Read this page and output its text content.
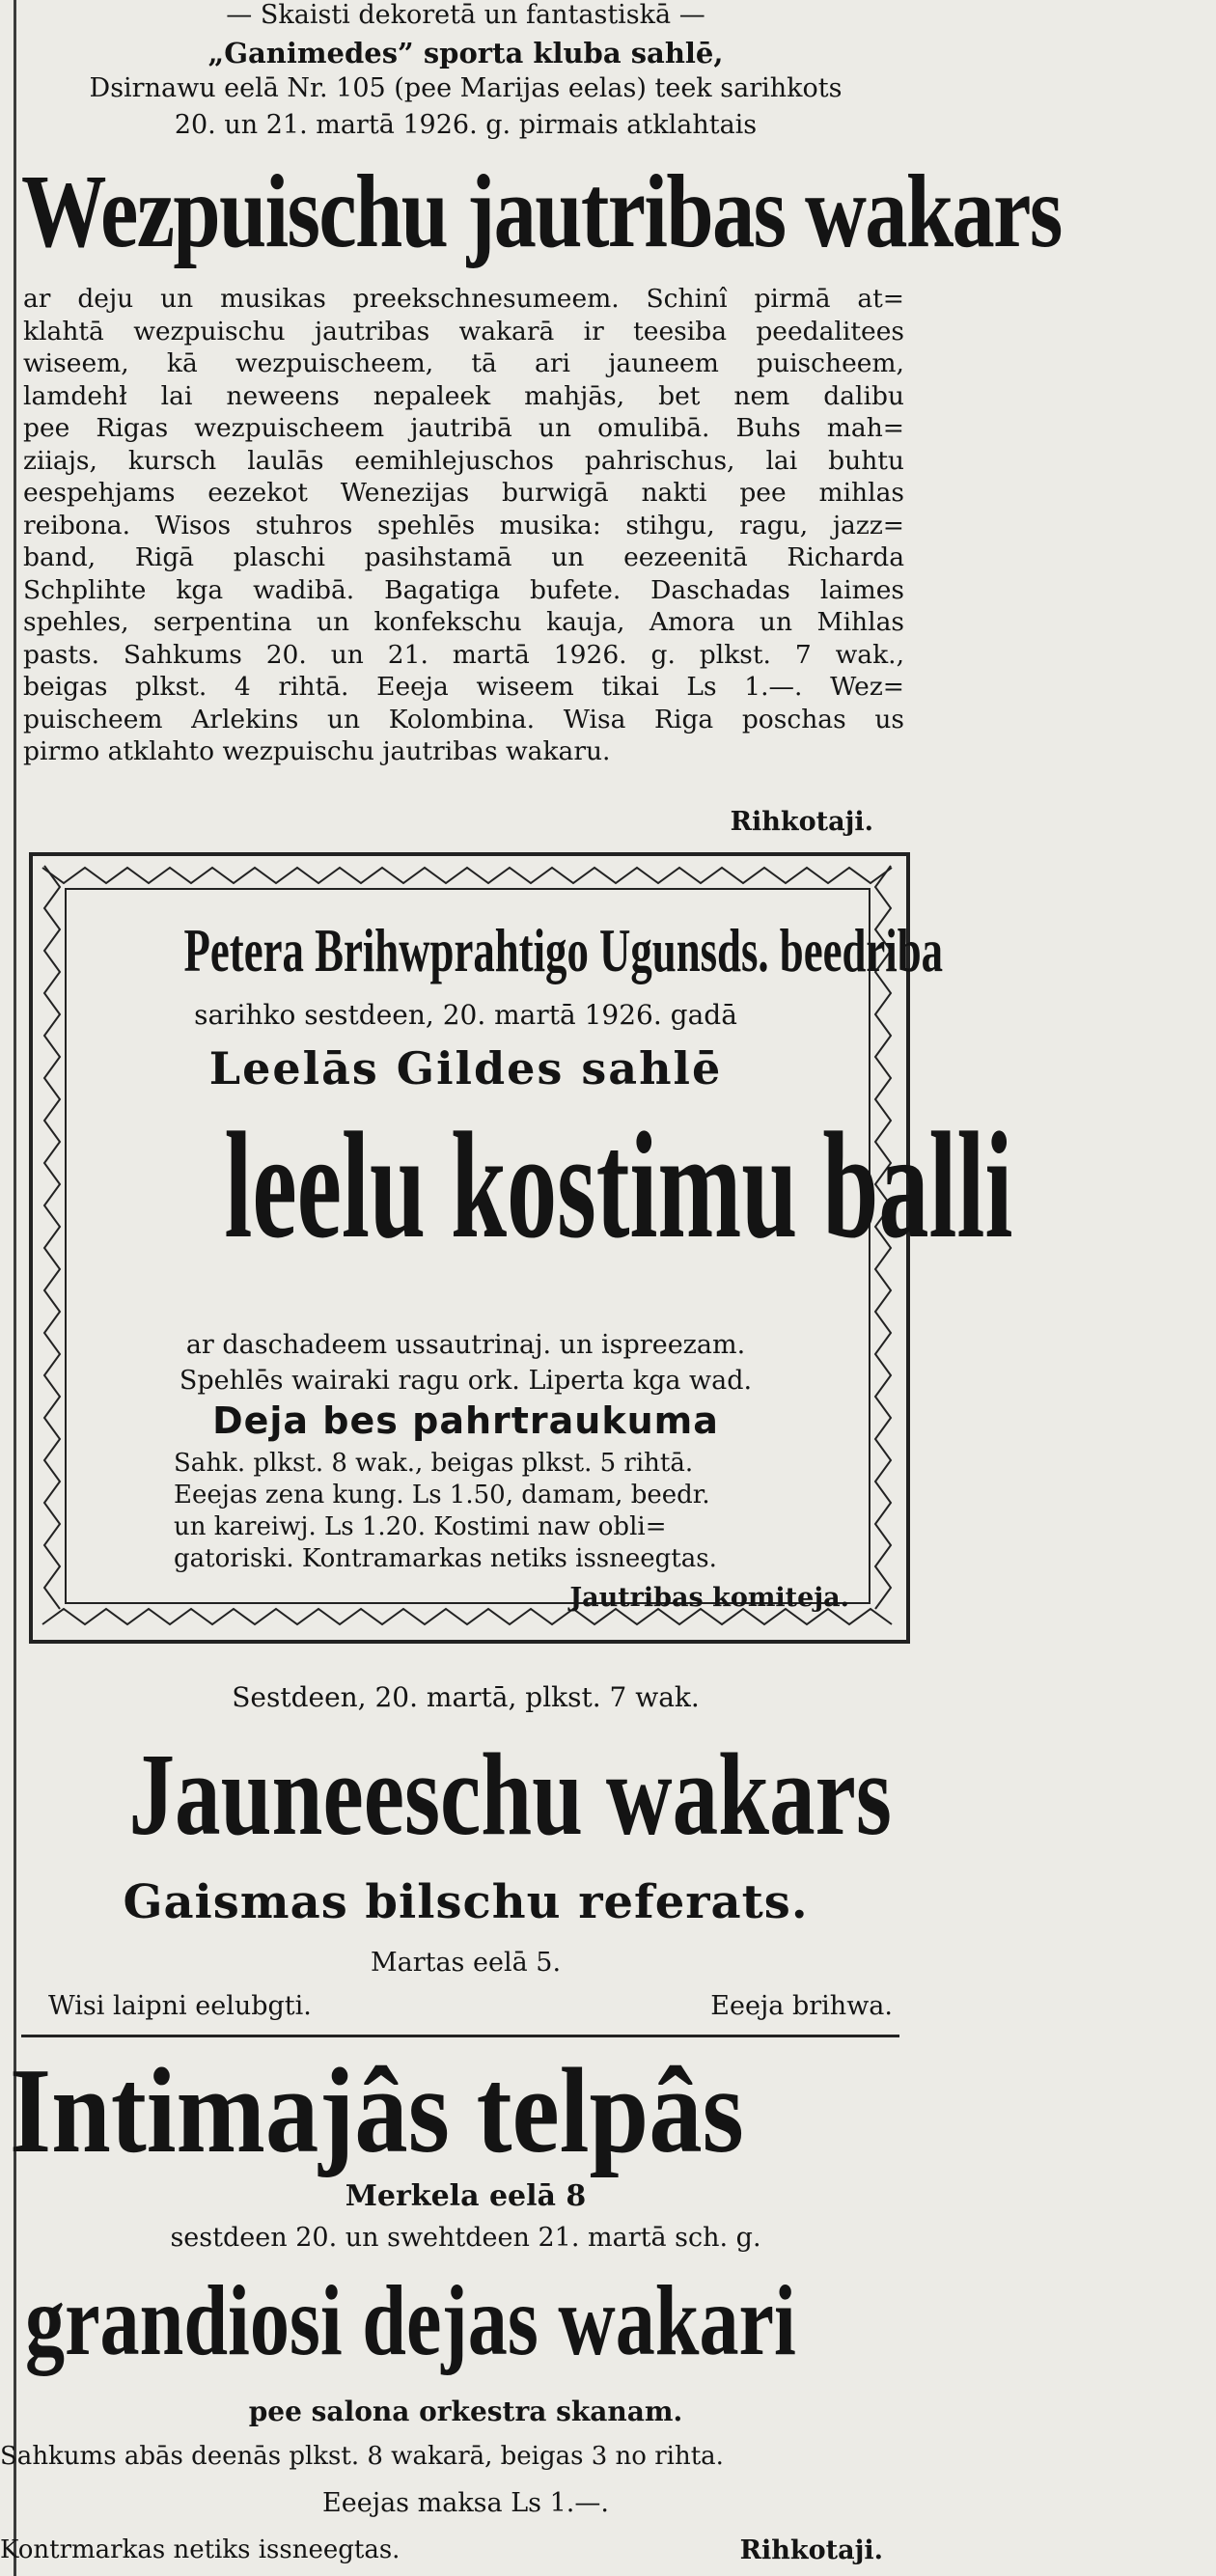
— Skaisti dekoretā un fantastiskā —
„Ganimedes” sporta kluba sahlē,
Dsirnawu eelā Nr. 105 (pee Marijas eelas) teek sarihkots
20. un 21. martā 1926. g. pirmais atklahtais
Wezpuischu jautribas wakars
ar deju un musikas preekschnesumeem. Schinî pirmā at=
klahtā wezpuischu jautribas wakarā ir teesiba peedalitees
wiseem, kā wezpuischeem, tā ari jauneem puischeem,
lamdehł lai neweens nepaleek mahjās, bet nem dalibu
pee Rigas wezpuischeem jautribā un omulibā. Buhs mah=
ziiajs, kursch laulās eemihlejuschos pahrischus, lai buhtu
eespehjams eezekot Wenezijas burwigā nakti pee mihlas
reibona. Wisos stuhros spehlēs musika: stihgu, ragu, jazz=
band, Rigā plaschi pasihstamā un eezeenitā Richarda
Schplihte kga wadibā. Bagatiga bufete. Daschadas laimes
spehles, serpentina un konfekschu kauja, Amora un Mihlas
pasts. Sahkums 20. un 21. martā 1926. g. plkst. 7 wak.,
beigas plkst. 4 rihtā. Eeeja wiseem tikai Ls 1.—. Wez=
puischeem Arlekins un Kolombina. Wisa Riga poschas us
pirmo atklahto wezpuischu jautribas wakaru.
Rihkotaji.
Petera Brihwprahtigo Ugunsds. beedriba
sarihko sestdeen, 20. martā 1926. gadā
Leelās Gildes sahlē
leelu kostimu balli
ar daschadeem ussautrinaj. un ispreezam.
Spehlēs wairaki ragu ork. Liperta kga wad.
Deja bes pahrtraukuma
Sahk. plkst. 8 wak., beigas plkst. 5 rihtā.
Eeejas zena kung. Ls 1.50, damam, beedr.
un kareiwj. Ls 1.20. Kostimi naw obli=
gatoriski. Kontramarkas netiks issneegtas.
Jautribas komiteja.
Sestdeen, 20. martā, plkst. 7 wak.
Jauneeschu wakars
Gaismas bilschu referats.
Martas eelā 5.
Wisi laipni eelubgti.	Eeeja brihwa.
Intimajâs telpâs
Merkela eelā 8
sestdeen 20. un swehtdeen 21. martā sch. g.
grandiosi dejas wakari
pee salona orkestra skanam.
Sahkums abās deenās plkst. 8 wakarā, beigas 3 no rihta.
Eeejas maksa Ls 1.—.
Kontrmarkas netiks issneegtas.	Rihkotaji.
